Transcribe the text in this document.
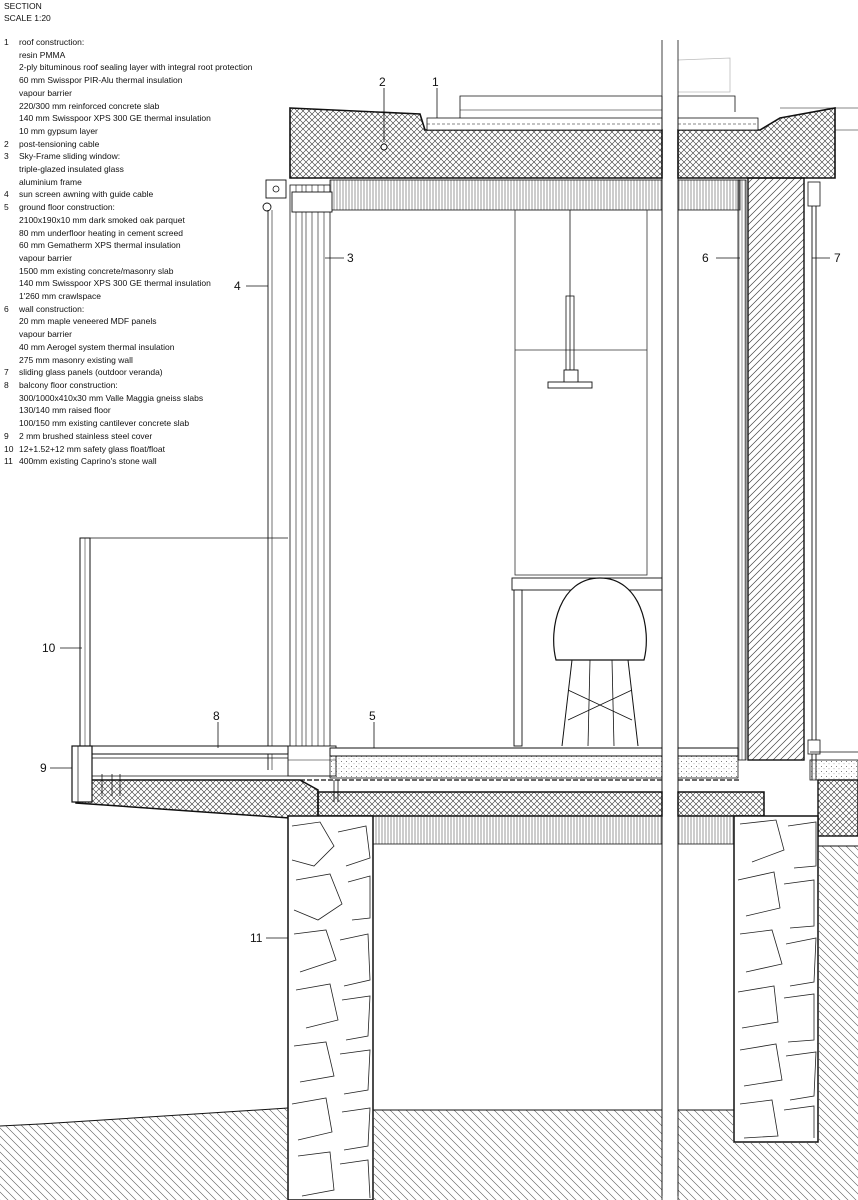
1
2
3
4
5
6	7
8
9
10
11
SECTION
SCALE 1:20
1	roof construction:
resin PMMA
2-ply bituminous roof sealing layer with integral root protection
60 mm Swisspor PIR-Alu thermal insulation
vapour barrier
220/300 mm reinforced concrete slab
140 mm Swisspoor XPS 300 GE thermal insulation
10 mm gypsum layer
2	post-tensioning cable
3	Sky-Frame sliding window:
triple-glazed insulated glass
aluminium frame
4	sun screen awning with guide cable
5	ground floor construction:
2100x190x10 mm dark smoked oak parquet
80 mm underfloor heating in cement screed
60 mm Gematherm XPS thermal insulation
vapour barrier
1500 mm existing concrete/masonry slab
140 mm Swisspoor XPS 300 GE thermal insulation
1'260 mm crawlspace
6	wall construction:
20 mm maple veneered MDF panels
vapour barrier
40 mm Aerogel system thermal insulation
275 mm masonry existing wall
7	sliding glass panels (outdoor veranda)
8	balcony floor construction:
300/1000x410x30 mm Valle Maggia gneiss slabs
130/140 mm raised floor
100/150 mm existing cantilever concrete slab
9	2 mm brushed stainless steel cover
10 12+1.52+12 mm safety glass float/float
11 400mm existing Caprino's stone wall
